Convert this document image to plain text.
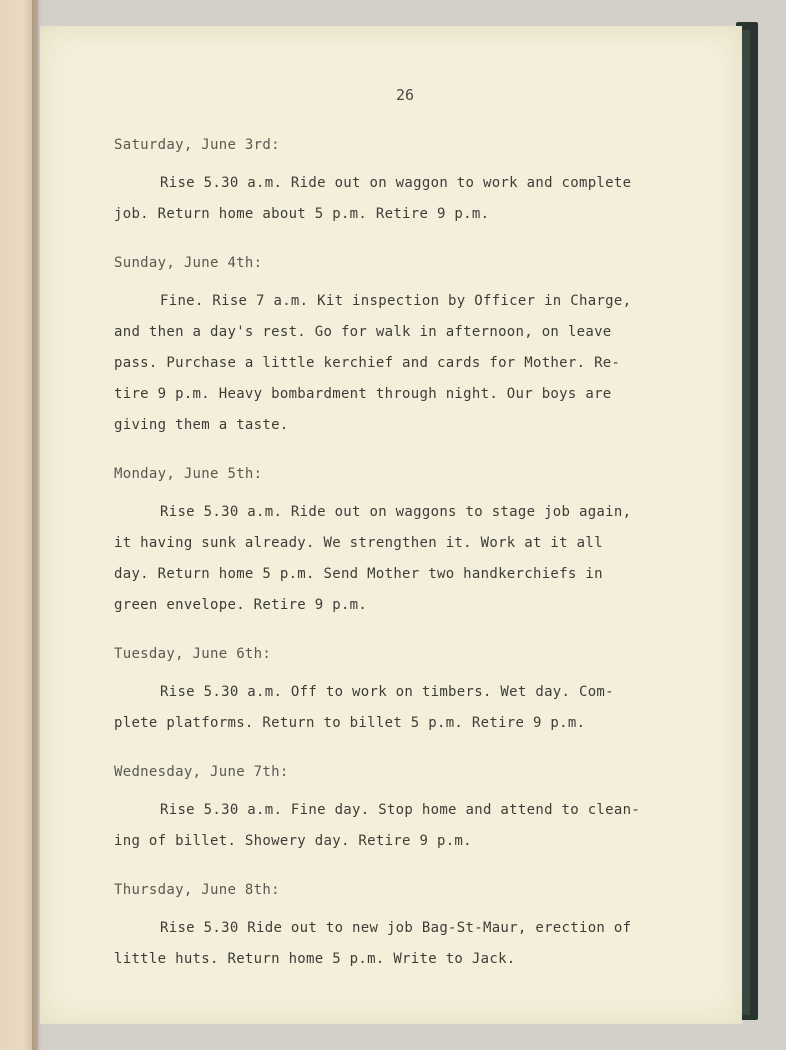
26
Saturday, June 3rd:
Rise 5.30 a.m. Ride out on waggon to work and complete
job. Return home about 5 p.m. Retire 9 p.m.
Sunday, June 4th:
Fine. Rise 7 a.m. Kit inspection by Officer in Charge,
and then a day's rest. Go for walk in afternoon, on leave
pass. Purchase a little kerchief and cards for Mother. Re-
tire 9 p.m. Heavy bombardment through night. Our boys are
giving them a taste.
Monday, June 5th:
Rise 5.30 a.m. Ride out on waggons to stage job again,
it having sunk already. We strengthen it. Work at it all
day. Return home 5 p.m. Send Mother two handkerchiefs in
green envelope. Retire 9 p.m.
Tuesday, June 6th:
Rise 5.30 a.m. Off to work on timbers. Wet day. Com-
plete platforms. Return to billet 5 p.m. Retire 9 p.m.
Wednesday, June 7th:
Rise 5.30 a.m. Fine day. Stop home and attend to clean-
ing of billet. Showery day. Retire 9 p.m.
Thursday, June 8th:
Rise 5.30 Ride out to new job Bag-St-Maur, erection of
little huts. Return home 5 p.m. Write to Jack.
